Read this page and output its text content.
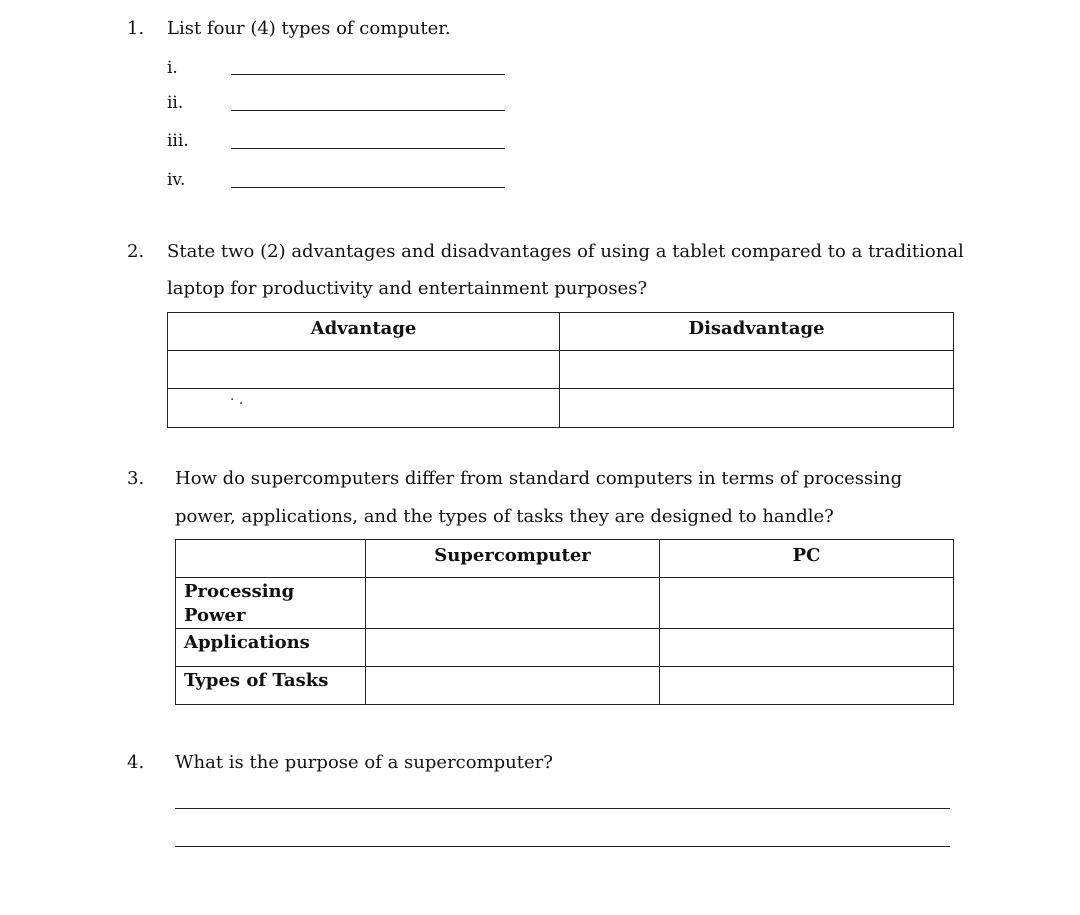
1. List four (4) types of computer.
i.
ii.
iii.
iv.
2. State two (2) advantages and disadvantages of using a tablet compared to a traditional
laptop for productivity and entertainment purposes?
Advantage	Disadvantage

· .
3. How do supercomputers differ from standard computers in terms of processing
power, applications, and the types of tasks they are designed to handle?
	Supercomputer	PC
Processing Power		
Applications		
Types of Tasks		
4. What is the purpose of a supercomputer?
